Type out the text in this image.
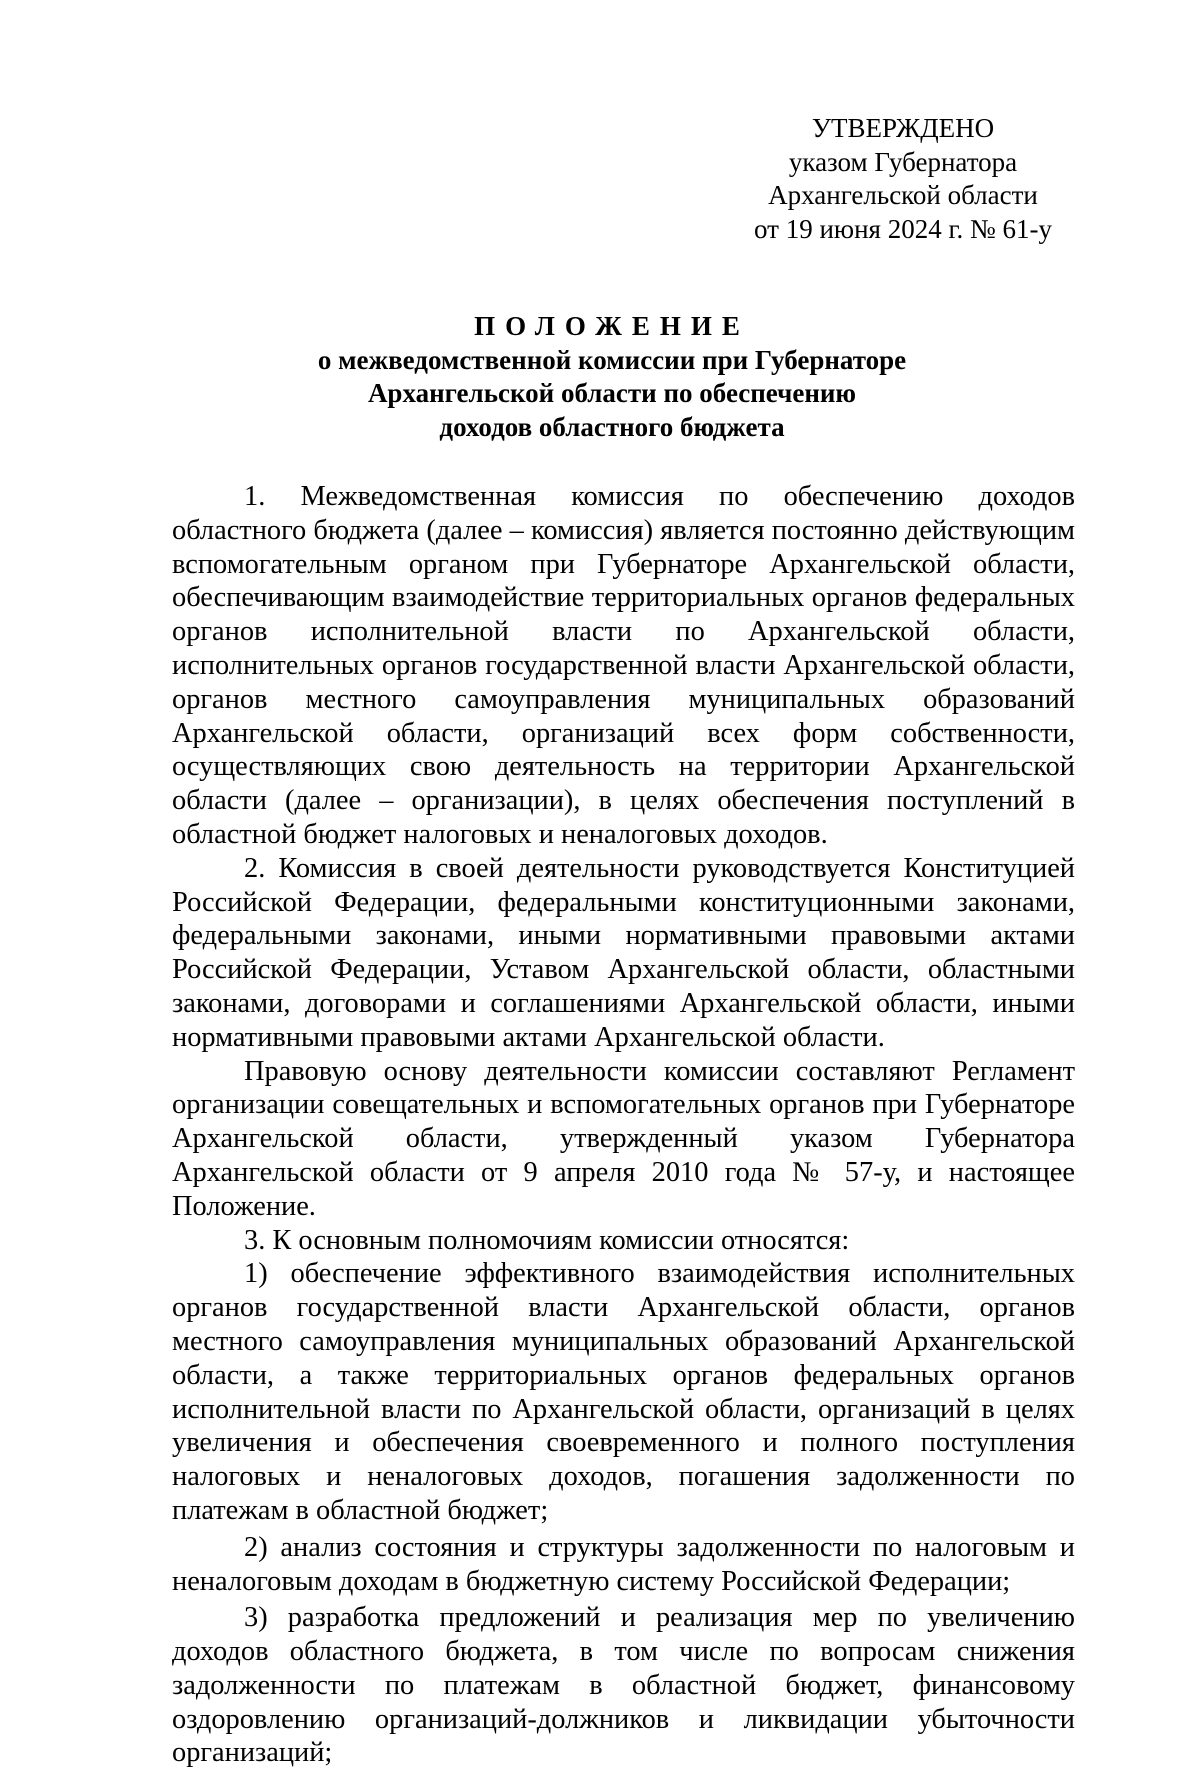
УТВЕРЖДЕНО
указом Губернатора
Архангельской области
от 19 июня 2024 г. № 61-у
ПОЛОЖЕНИЕ
о межведомственной комиссии при Губернаторе
Архангельской области по обеспечению
доходов областного бюджета

1. Межведомственная комиссия по обеспечению доходов областного бюджета (далее – комиссия) является постоянно действующим вспомогательным органом при Губернаторе Архангельской области, обеспечивающим взаимодействие территориальных органов федеральных органов исполнительной власти по Архангельской области, исполнительных органов государственной власти Архангельской области, органов местного самоуправления муниципальных образований Архангельской области, организаций всех форм собственности, осуществляющих свою деятельность на территории Архангельской области (далее – организации), в целях обеспечения поступлений в областной бюджет налоговых и неналоговых доходов.

2. Комиссия в своей деятельности руководствуется Конституцией Российской Федерации, федеральными конституционными законами, федеральными законами, иными нормативными правовыми актами Российской Федерации, Уставом Архангельской области, областными законами, договорами и соглашениями Архангельской области, иными нормативными правовыми актами Архангельской области.

Правовую основу деятельности комиссии составляют Регламент организации совещательных и вспомогательных органов при Губернаторе Архангельской области, утвержденный указом Губернатора Архангельской области от 9 апреля 2010 года № 57-у, и настоящее Положение.

3. К основным полномочиям комиссии относятся:

1) обеспечение эффективного взаимодействия исполнительных органов государственной власти Архангельской области, органов местного самоуправления муниципальных образований Архангельской области, а также территориальных органов федеральных органов исполнительной власти по Архангельской области, организаций в целях увеличения и обеспечения своевременного и полного поступления налоговых и неналоговых доходов, погашения задолженности по платежам в областной бюджет;

2) анализ состояния и структуры задолженности по налоговым и неналоговым доходам в бюджетную систему Российской Федерации;

3) разработка предложений и реализация мер по увеличению доходов областного бюджета, в том числе по вопросам снижения задолженности по платежам в областной бюджет, финансовому оздоровлению организаций-должников и ликвидации убыточности организаций;
